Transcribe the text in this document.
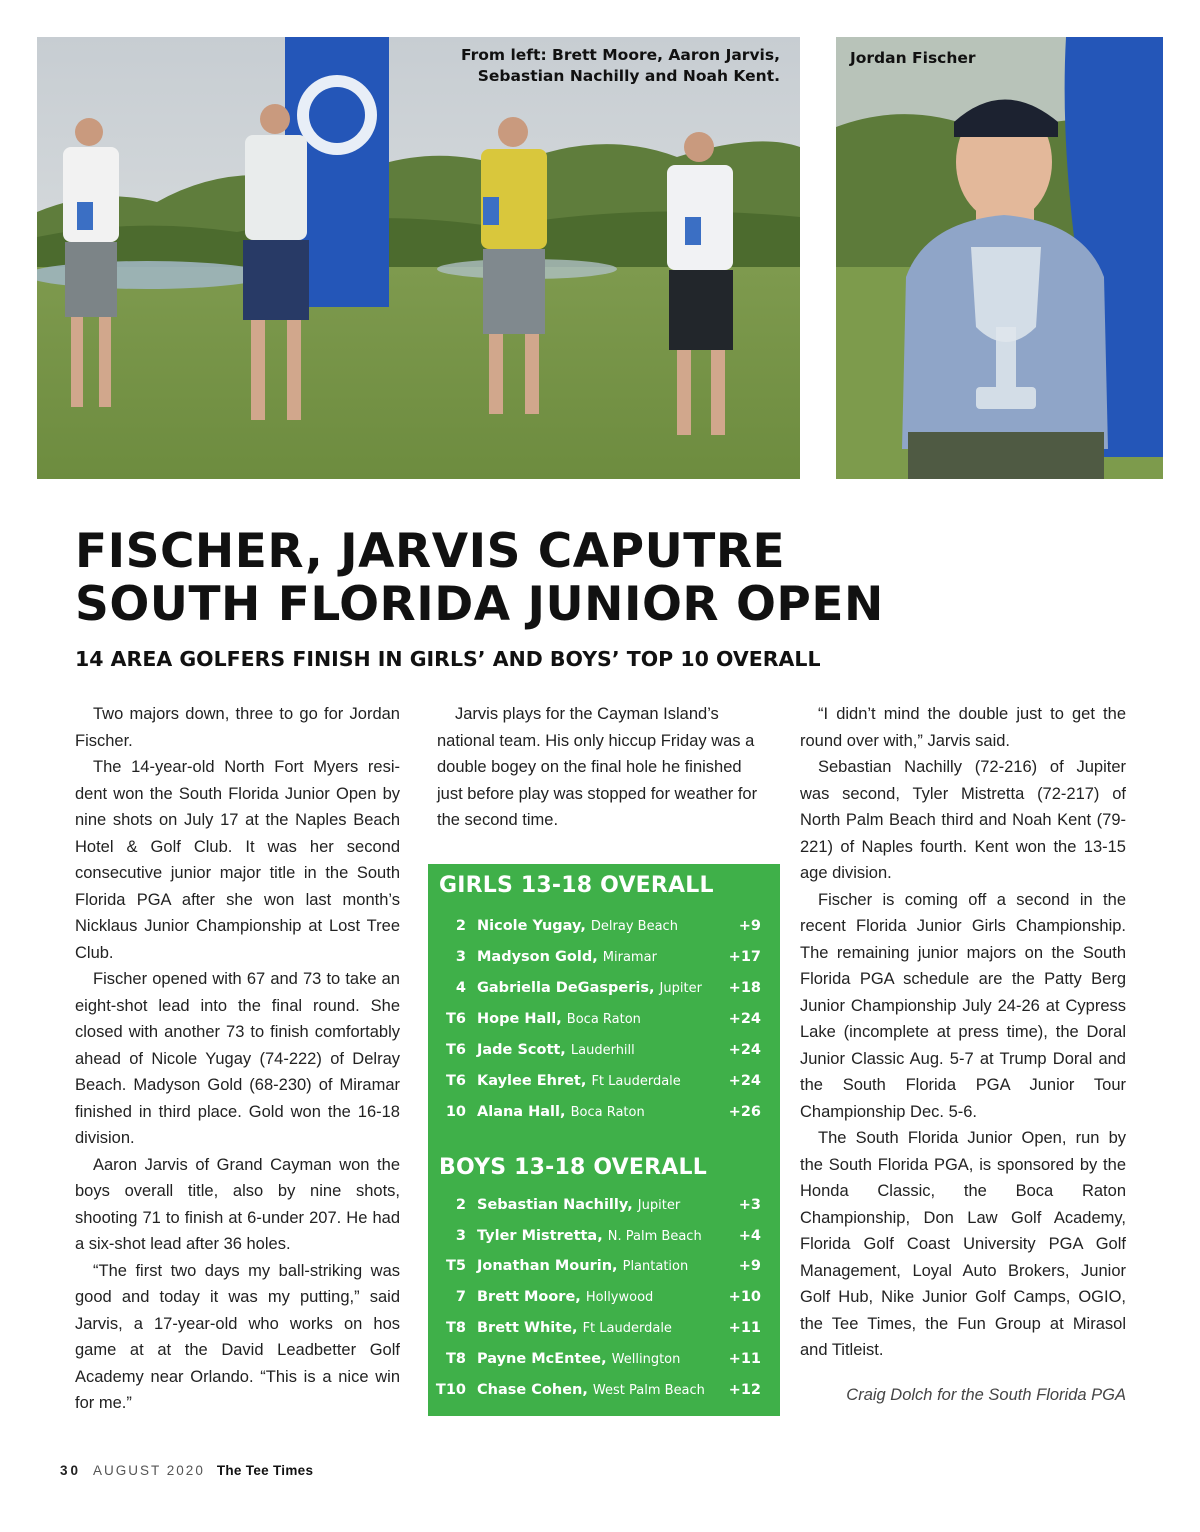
From left: Brett Moore, Aaron Jarvis,
Sebastian Nachilly and Noah Kent.
Jordan Fischer
FISCHER, JARVIS CAPUTRE
SOUTH FLORIDA JUNIOR OPEN
14 AREA GOLFERS FINISH IN GIRLS’ AND BOYS’ TOP 10 OVERALL

Two majors down, three to go for Jordan Fischer.

The 14-year-old North Fort Myers resident won the South Florida Junior Open by nine shots on July 17 at the Naples Beach Hotel & Golf Club. It was her second consecutive junior major title in the South Florida PGA after she won last month’s Nicklaus Junior Championship at Lost Tree Club.

Fischer opened with 67 and 73 to take an eight-shot lead into the final round. She closed with another 73 to finish comfortably ahead of Nicole Yugay (74-222) of Delray Beach. Madyson Gold (68-230) of Miramar finished in third place. Gold won the 16-18 division.

Aaron Jarvis of Grand Cayman won the boys overall title, also by nine shots, shooting 71 to finish at 6-under 207. He had a six-shot lead after 36 holes.

“The first two days my ball-striking was good and today it was my putting,” said Jarvis, a 17-year-old who works on hos game at at the David Leadbetter Golf Academy near Orlando. “This is a nice win for me.”

Jarvis plays for the Cayman Island’s national team. His only hiccup Friday was a double bogey on the final hole he finished just before play was stopped for weather for the second time.

GIRLS 13-18 OVERALL
2 Nicole Yugay, Delray Beach	+9
3 Madyson Gold, Miramar	+17
4 Gabriella DeGasperis, Jupiter +18
T6 Hope Hall, Boca Raton	+24
T6 Jade Scott, Lauderhill	+24
T6 Kaylee Ehret, Ft Lauderdale	+24
10 Alana Hall, Boca Raton	+26
BOYS 13-18 OVERALL
2 Sebastian Nachilly, Jupiter	+3
3 Tyler Mistretta, N. Palm Beach	+4
T5 Jonathan Mourin, Plantation	+9
7 Brett Moore, Hollywood	+10
T8 Brett White, Ft Lauderdale	+11
T8 Payne McEntee, Wellington	+11
T10 Chase Cohen, West Palm Beach +12

“I didn’t mind the double just to get the round over with,” Jarvis said.

Sebastian Nachilly (72-216) of Jupiter was second, Tyler Mistretta (72-217) of North Palm Beach third and Noah Kent (79-221) of Naples fourth. Kent won the 13-15 age division.

Fischer is coming off a second in the recent Florida Junior Girls Championship. The remaining junior majors on the South Florida PGA schedule are the Patty Berg Junior Championship July 24-26 at Cypress Lake (incomplete at press time), the Doral Junior Classic Aug. 5-7 at Trump Doral and the South Florida PGA Junior Tour Championship Dec. 5-6.

The South Florida Junior Open, run by the South Florida PGA, is sponsored by the Honda Classic, the Boca Raton Championship, Don Law Golf Academy, Florida Golf Coast University PGA Golf Management, Loyal Auto Brokers, Junior Golf Hub, Nike Junior Golf Camps, OGIO, the Tee Times, the Fun Group at Mirasol and Titleist.

Craig Dolch for the South Florida PGA

30 AUGUST 2020 The Tee Times
